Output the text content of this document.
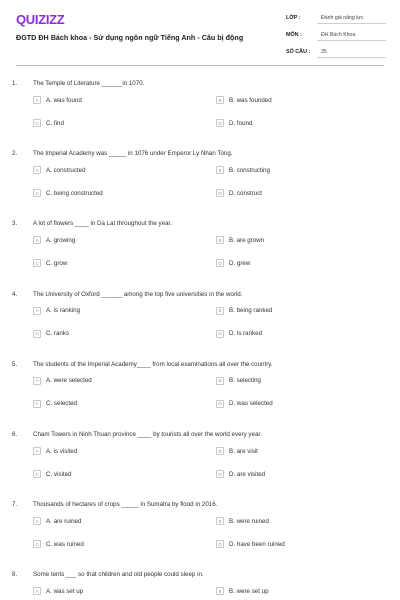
QUIZIZZ
ĐGTD ĐH Bách khoa - Sử dụng ngôn ngữ Tiếng Anh - Câu bị động
LỚP :	Đánh giá năng lực
MÔN :	ĐH Bách Khoa
SỐ CÂU :	35
1.	The Temple of Literature ______in 1070.
A	A. was found	B	B. was founded
C	C. find	D	D. found
2.	The Imperial Academy was _____ in 1076 under Emperor Ly Nhan Tong.
A	A. constructed	B	B. constructing
C	C. being constructed	D	D. construct
3.	A lot of flowers ____ in Da Lat throughout the year.
A	A. growing	B	B. are grown
C	C. grow	D	D. grew
4.	The University of Oxford ______ among the top five universities in the world.
A	A. is ranking	B	B. being ranked
C	C. ranks	D	D. is ranked
5.	The students of the Imperial Academy____ from local examinations all over the country.
A	A. were selected	B	B. selecting
C	C. selected	D	D. was selected
6.	Cham Towers in Ninh Thuan province ____ by tourists all over the world every year.
A	A. is visited	B	B. are visit
C	C. visited	D	D. are visited
7.	Thousands of hectares of crops _____ in Sumatra by flood in 2016.
A	A. are ruined	B	B. were ruined
C	C. was ruined	D	D. have been ruined
8.	Some tents ___ so that children and old people could sleep in.
A	A. was set up	B	B. were set up
